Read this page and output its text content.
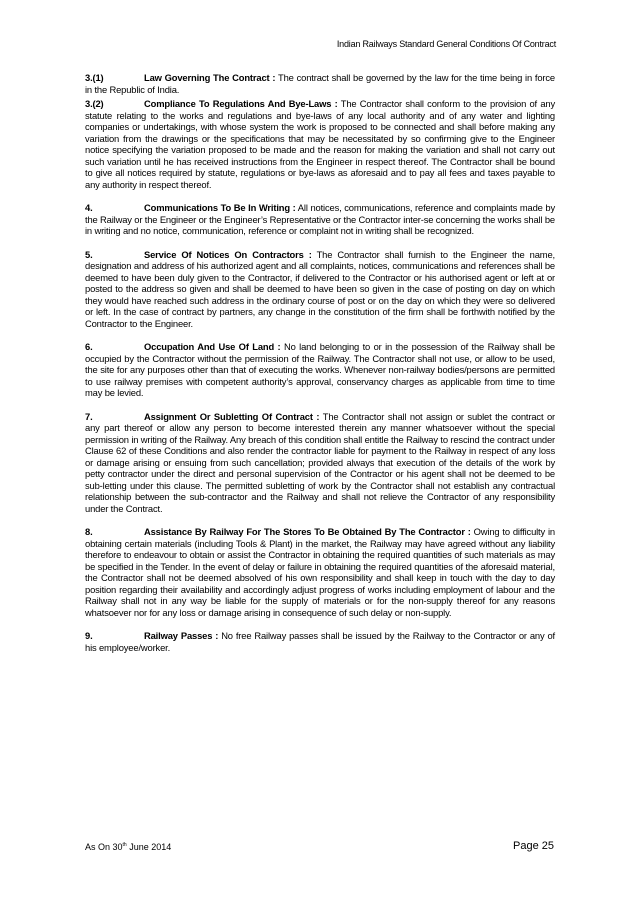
Indian Railways Standard General Conditions Of Contract

3.(1)	Law Governing The Contract : The contract shall be governed by the law for the time being in force in the Republic of India.

3.(2)	Compliance To Regulations And Bye-Laws : The Contractor shall conform to the provision of any statute relating to the works and regulations and bye-laws of any local authority and of any water and lighting companies or undertakings, with whose system the work is proposed to be connected and shall before making any variation from the drawings or the specifications that may be necessitated by so confirming give to the Engineer notice specifying the variation proposed to be made and the reason for making the variation and shall not carry out such variation until he has received instructions from the Engineer in respect thereof. The Contractor shall be bound to give all notices required by statute, regulations or bye-laws as aforesaid and to pay all fees and taxes payable to any authority in respect thereof.

4.	Communications To Be In Writing : All notices, communications, reference and complaints made by the Railway or the Engineer or the Engineer’s Representative or the Contractor inter-se concerning the works shall be in writing and no notice, communication, reference or complaint not in writing shall be recognized.

5.	Service Of Notices On Contractors : The Contractor shall furnish to the Engineer the name, designation and address of his authorized agent and all complaints, notices, communications and references shall be deemed to have been duly given to the Contractor, if delivered to the Contractor or his authorised agent or left at or posted to the address so given and shall be deemed to have been so given in the case of posting on day on which they would have reached such address in the ordinary course of post or on the day on which they were so delivered or left. In the case of contract by partners, any change in the constitution of the firm shall be forthwith notified by the Contractor to the Engineer.

6.	Occupation And Use Of Land : No land belonging to or in the possession of the Railway shall be occupied by the Contractor without the permission of the Railway. The Contractor shall not use, or allow to be used, the site for any purposes other than that of executing the works. Whenever non-railway bodies/persons are permitted to use railway premises with competent authority’s approval, conservancy charges as applicable from time to time may be levied.

7.	Assignment Or Subletting Of Contract : The Contractor shall not assign or sublet the contract or any part thereof or allow any person to become interested therein any manner whatsoever without the special permission in writing of the Railway. Any breach of this condition shall entitle the Railway to rescind the contract under Clause 62 of these Conditions and also render the contractor liable for payment to the Railway in respect of any loss or damage arising or ensuing from such cancellation; provided always that execution of the details of the work by petty contractor under the direct and personal supervision of the Contractor or his agent shall not be deemed to be sub-letting under this clause. The permitted subletting of work by the Contractor shall not establish any contractual relationship between the sub-contractor and the Railway and shall not relieve the Contractor of any responsibility under the Contract.

8.	Assistance By Railway For The Stores To Be Obtained By The Contractor : Owing to difficulty in obtaining certain materials (including Tools & Plant) in the market, the Railway may have agreed without any liability therefore to endeavour to obtain or assist the Contractor in obtaining the required quantities of such materials as may be specified in the Tender. In the event of delay or failure in obtaining the required quantities of the aforesaid material, the Contractor shall not be deemed absolved of his own responsibility and shall keep in touch with the day to day position regarding their availability and accordingly adjust progress of works including employment of labour and the Railway shall not in any way be liable for the supply of materials or for the non-supply thereof for any reasons whatsoever nor for any loss or damage arising in consequence of such delay or non-supply.

9.	Railway Passes : No free Railway passes shall be issued by the Railway to the Contractor or any of his employee/worker.

As On 30th June 2014	Page 25
